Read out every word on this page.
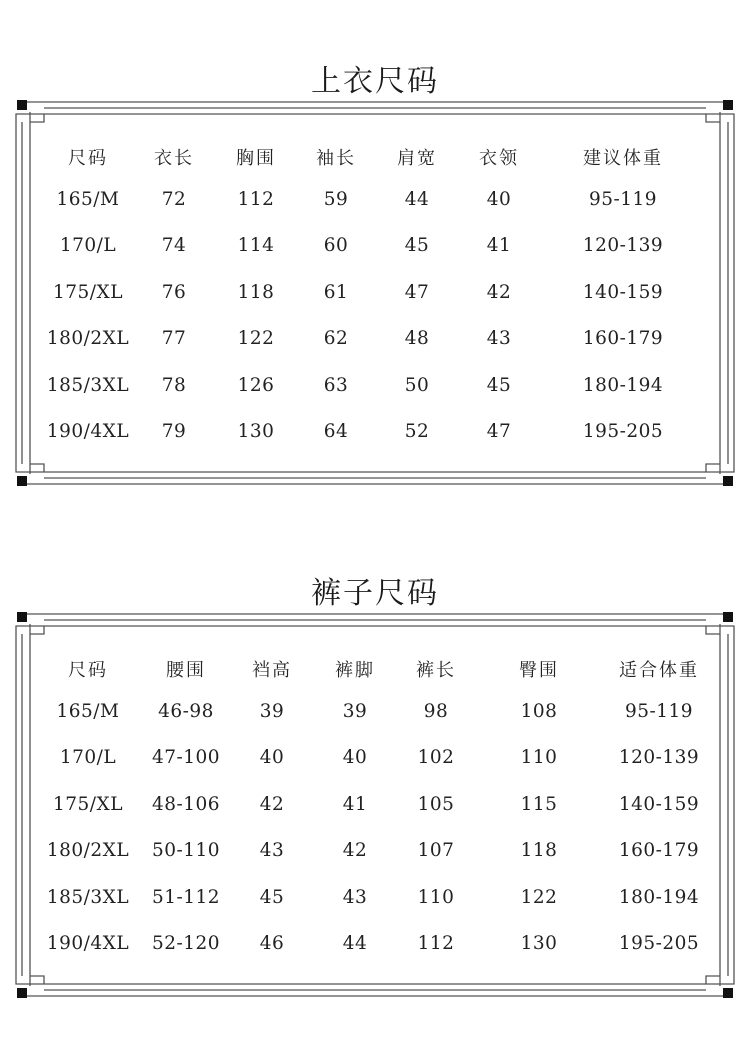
上衣尺码
尺码	衣长	胸围	袖长	肩宽	衣领	建议体重
165/M	72	112	59	44	40	95-119
170/L	74	114	60	45	41	120-139
175/XL	76	118	61	47	42	140-159
180/2XL	77	122	62	48	43	160-179
185/3XL	78	126	63	50	45	180-194
190/4XL	79	130	64	52	47	195-205
裤子尺码
尺码	腰围	裆高	裤脚	裤长	臀围	适合体重
165/M	46-98	39	39	98	108	95-119
170/L	47-100	40	40	102	110	120-139
175/XL	48-106	42	41	105	115	140-159
180/2XL	50-110	43	42	107	118	160-179
185/3XL	51-112	45	43	110	122	180-194
190/4XL	52-120	46	44	112	130	195-205
